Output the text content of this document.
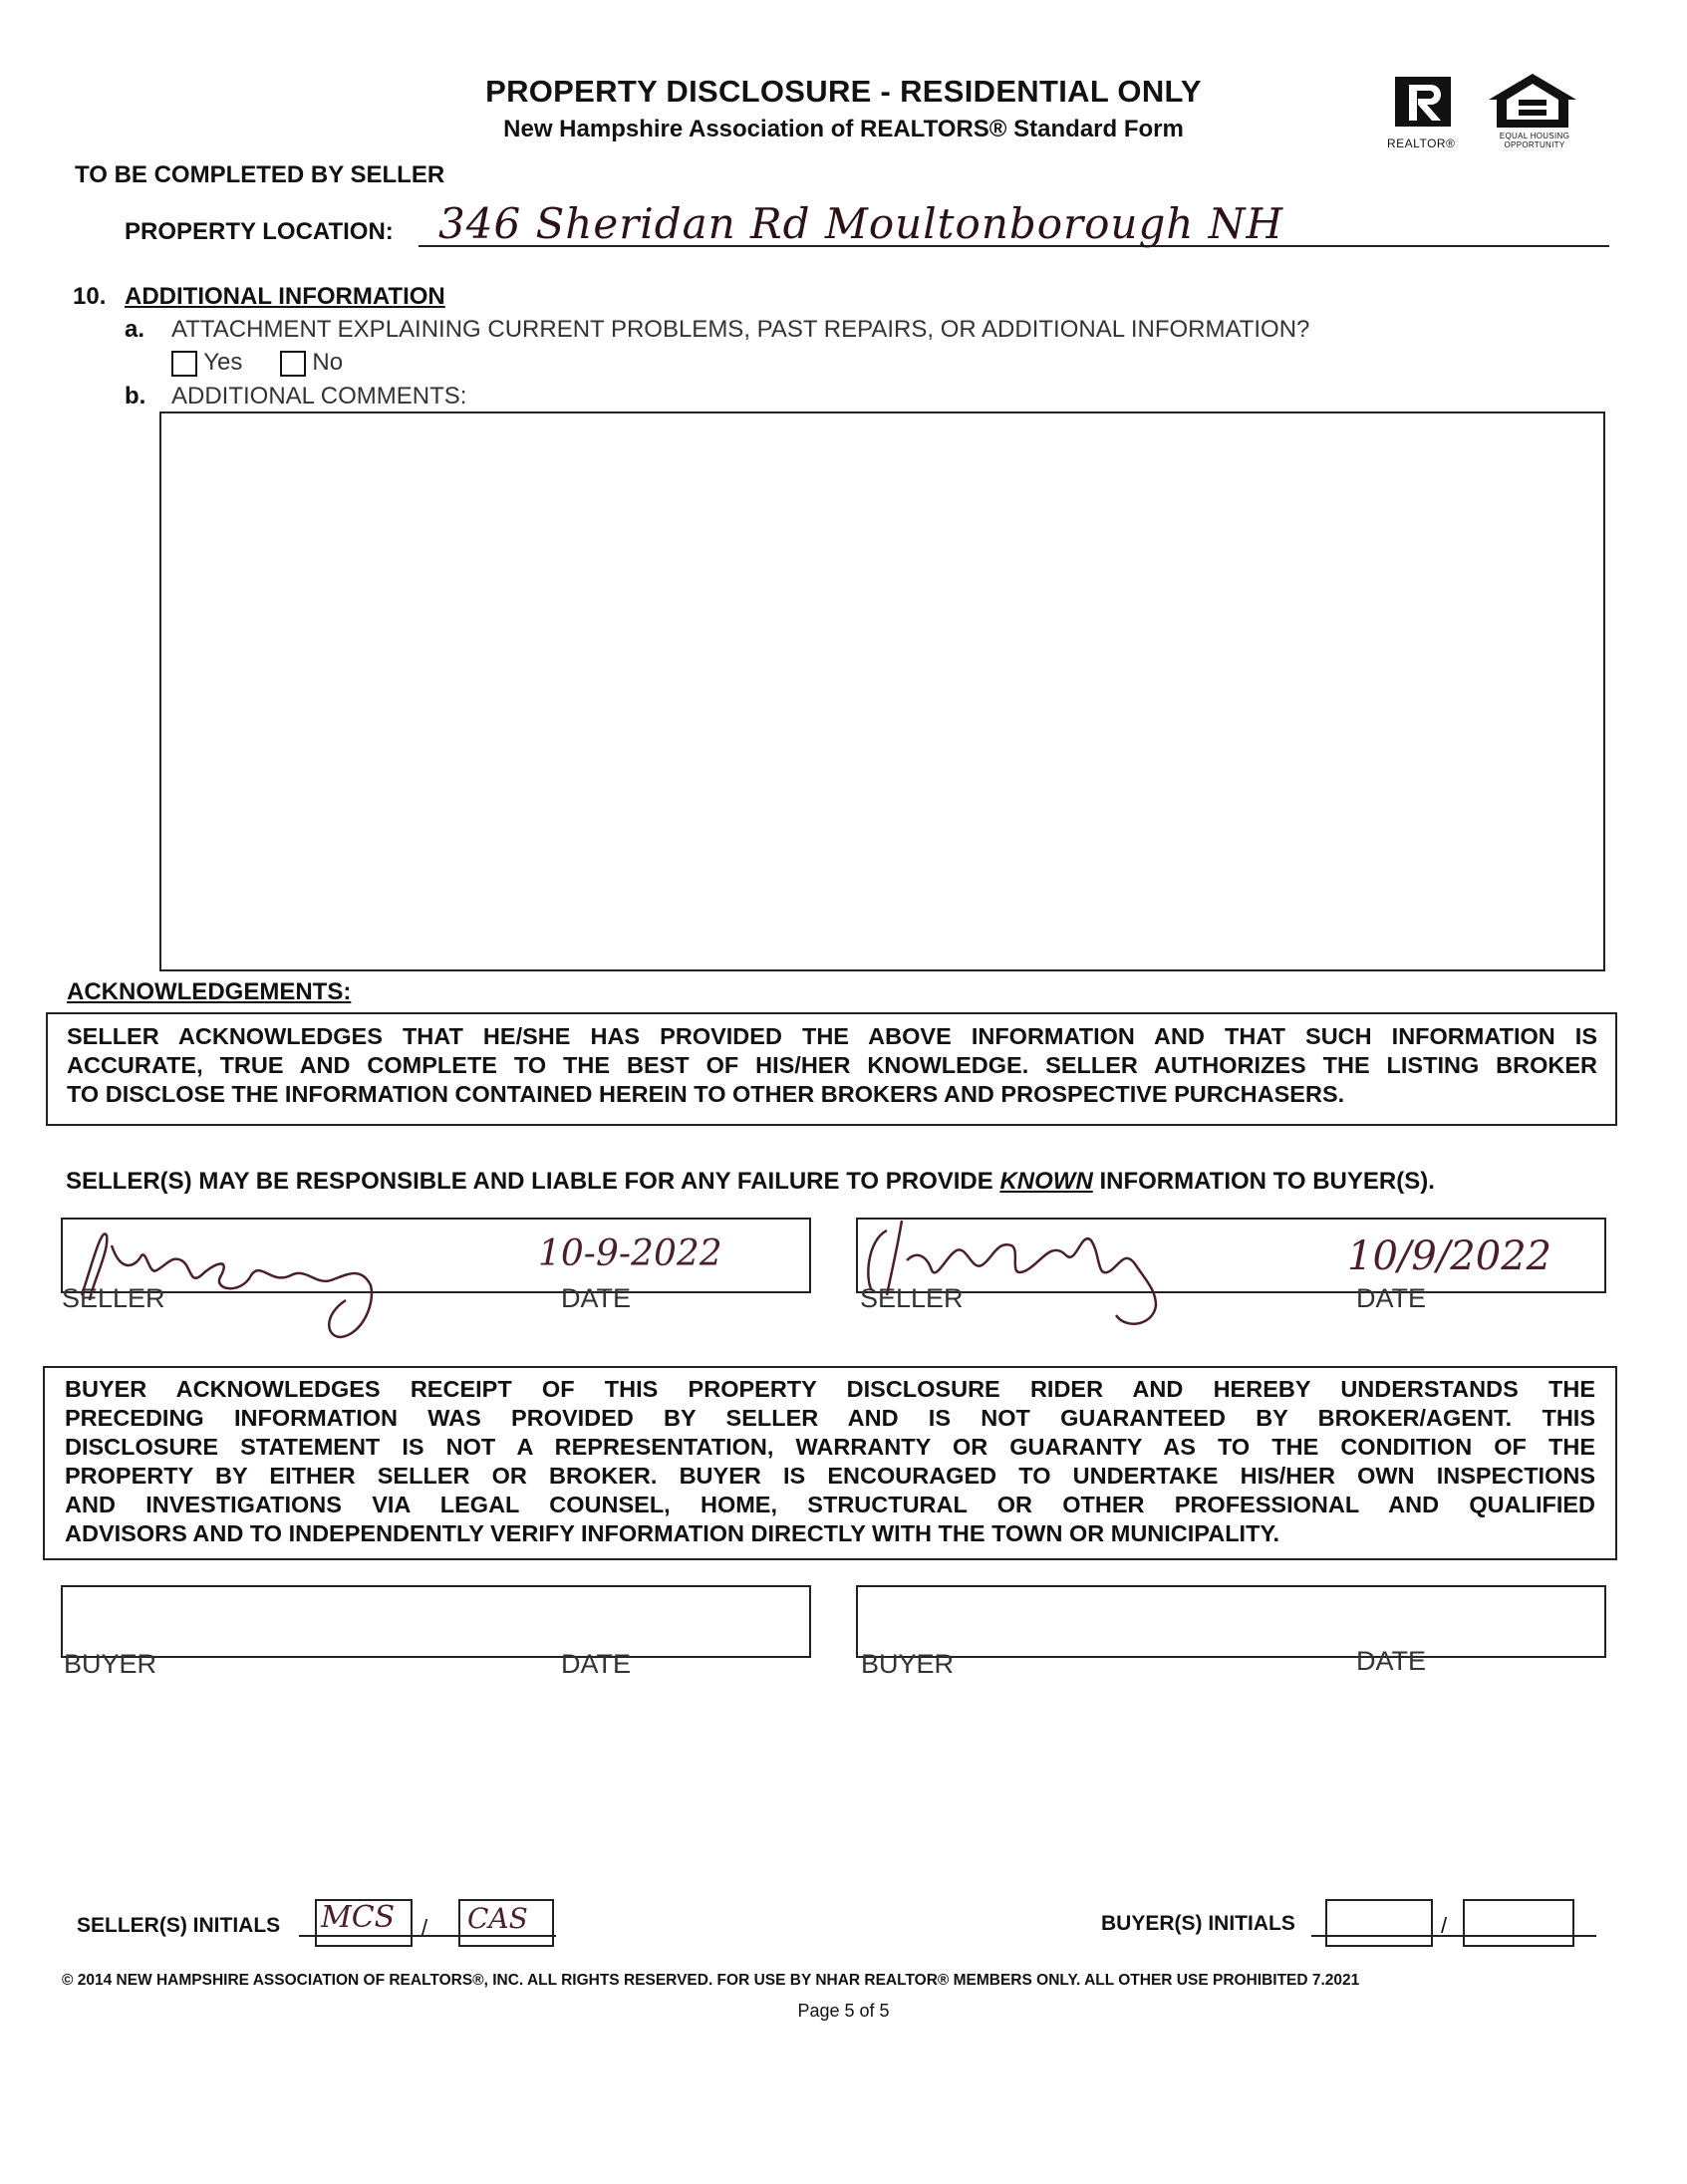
PROPERTY DISCLOSURE - RESIDENTIAL ONLY
New Hampshire Association of REALTORS® Standard Form
REALTOR®
EQUAL HOUSING
OPPORTUNITY
TO BE COMPLETED BY SELLER
PROPERTY LOCATION: 346 Sheridan Rd Moultonborough NH
10. ADDITIONAL INFORMATION
a. ATTACHMENT EXPLAINING CURRENT PROBLEMS, PAST REPAIRS, OR ADDITIONAL INFORMATION?
Yes	No
b. ADDITIONAL COMMENTS:
ACKNOWLEDGEMENTS:
SELLER ACKNOWLEDGES THAT HE/SHE HAS PROVIDED THE ABOVE INFORMATION AND THAT SUCH INFORMATION IS
ACCURATE, TRUE AND COMPLETE TO THE BEST OF HIS/HER KNOWLEDGE. SELLER AUTHORIZES THE LISTING BROKER
TO DISCLOSE THE INFORMATION CONTAINED HEREIN TO OTHER BROKERS AND PROSPECTIVE PURCHASERS.
SELLER(S) MAY BE RESPONSIBLE AND LIABLE FOR ANY FAILURE TO PROVIDE KNOWN INFORMATION TO BUYER(S).
SELLER	DATE
10-9-2022
SELLER	DATE
10/9/2022
BUYER ACKNOWLEDGES RECEIPT OF THIS PROPERTY DISCLOSURE RIDER AND HEREBY UNDERSTANDS THE
PRECEDING INFORMATION WAS PROVIDED BY SELLER AND IS NOT GUARANTEED BY BROKER/AGENT. THIS
DISCLOSURE STATEMENT IS NOT A REPRESENTATION, WARRANTY OR GUARANTY AS TO THE CONDITION OF THE
PROPERTY BY EITHER SELLER OR BROKER. BUYER IS ENCOURAGED TO UNDERTAKE HIS/HER OWN INSPECTIONS
AND INVESTIGATIONS VIA LEGAL COUNSEL, HOME, STRUCTURAL OR OTHER PROFESSIONAL AND QUALIFIED
ADVISORS AND TO INDEPENDENTLY VERIFY INFORMATION DIRECTLY WITH THE TOWN OR MUNICIPALITY.
BUYER	DATE	BUYER	DATE
SELLER(S) INITIALS MCS / CAS	BUYER(S) INITIALS	/
© 2014 NEW HAMPSHIRE ASSOCIATION OF REALTORS®, INC. ALL RIGHTS RESERVED. FOR USE BY NHAR REALTOR® MEMBERS ONLY. ALL OTHER USE PROHIBITED 7.2021
Page 5 of 5
